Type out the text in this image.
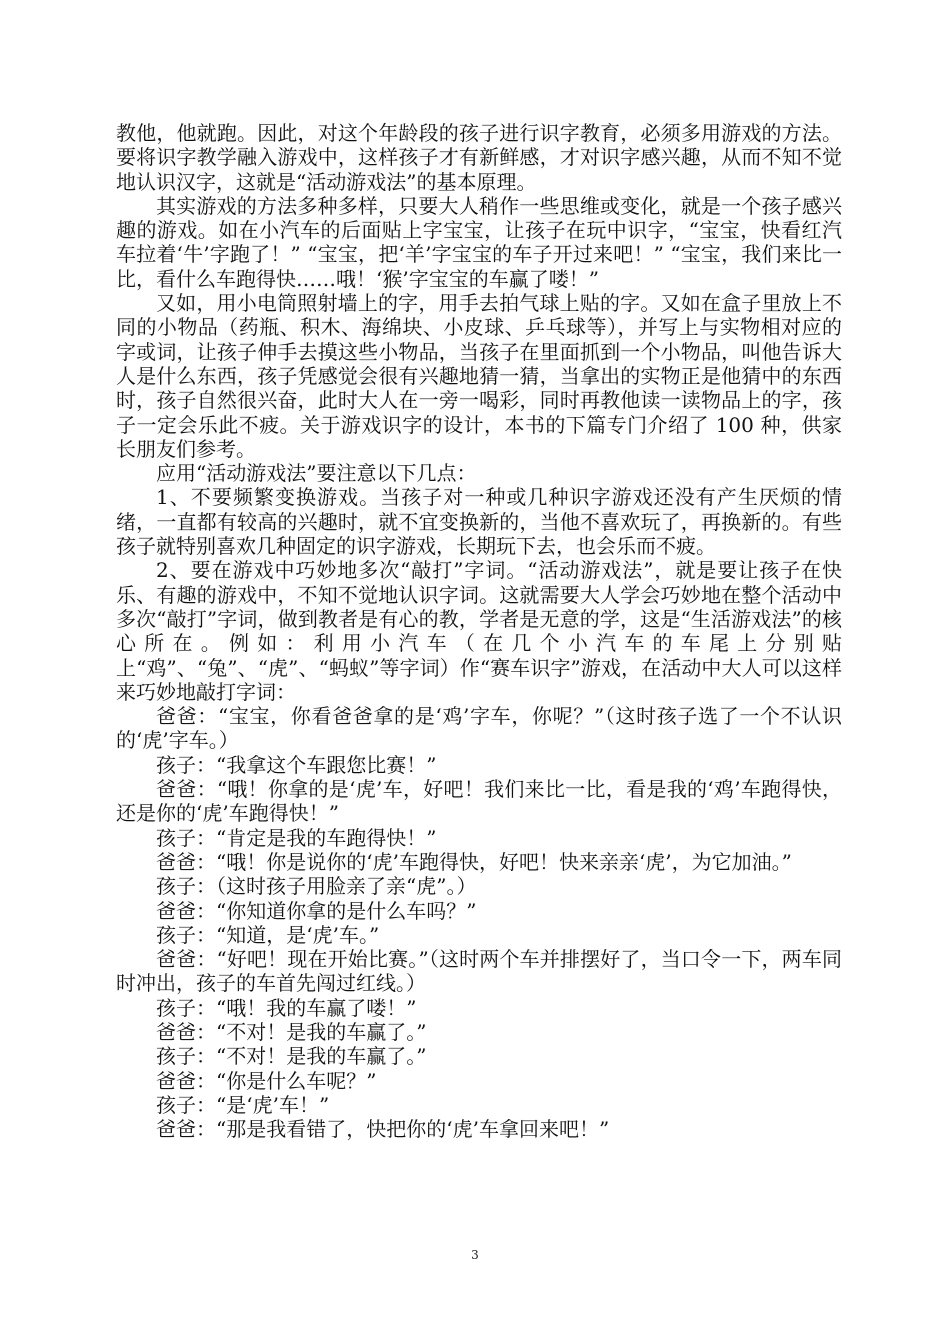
教他，他就跑。因此，对这个年龄段的孩子进行识字教育，必须多用游戏的方法。要将识字教学融入游戏中，这样孩子才有新鲜感，才对识字感兴趣，从而不知不觉地认识汉字，这就是“活动游戏法”的基本原理。

其实游戏的方法多种多样，只要大人稍作一些思维或变化，就是一个孩子感兴趣的游戏。如在小汽车的后面贴上字宝宝，让孩子在玩中识字，“宝宝，快看红汽车拉着‘牛’字跑了！” “宝宝，把‘羊’字宝宝的车子开过来吧！” “宝宝，我们来比一比，看什么车跑得快……哦！‘猴’字宝宝的车赢了喽！”

又如，用小电筒照射墙上的字，用手去拍气球上贴的字。又如在盒子里放上不同的小物品（药瓶、积木、海绵块、小皮球、乒乓球等），并写上与实物相对应的字或词，让孩子伸手去摸这些小物品，当孩子在里面抓到一个小物品，叫他告诉大人是什么东西，孩子凭感觉会很有兴趣地猜一猜，当拿出的实物正是他猜中的东西时，孩子自然很兴奋，此时大人在一旁一喝彩，同时再教他读一读物品上的字，孩子一定会乐此不疲。关于游戏识字的设计，本书的下篇专门介绍了 100 种，供家长朋友们参考。

应用“活动游戏法”要注意以下几点：

1、不要频繁变换游戏。当孩子对一种或几种识字游戏还没有产生厌烦的情绪，一直都有较高的兴趣时，就不宜变换新的，当他不喜欢玩了，再换新的。有些孩子就特别喜欢几种固定的识字游戏，长期玩下去，也会乐而不疲。

2、要在游戏中巧妙地多次“敲打”字词。“活动游戏法”，就是要让孩子在快乐、有趣的游戏中，不知不觉地认识字词。这就需要大人学会巧妙地在整个活动中多次“敲打”字词，做到教者是有心的教，学者是无意的学，这是“生活游戏法”的核心所在。例如：利用小汽车（在几个小汽车的车尾上分别贴上“鸡”、“兔”、“虎”、“蚂蚁”等字词）作“赛车识字”游戏，在活动中大人可以这样来巧妙地敲打字词：

爸爸：“宝宝，你看爸爸拿的是‘鸡’字车，你呢？”（这时孩子选了一个不认识的‘虎’字车。）

孩子：“我拿这个车跟您比赛！”

爸爸：“哦！你拿的是‘虎’车，好吧！我们来比一比，看是我的‘鸡’车跑得快，还是你的‘虎’车跑得快！”

孩子：“肯定是我的车跑得快！”

爸爸：“哦！你是说你的‘虎’车跑得快，好吧！快来亲亲‘虎’，为它加油。”

孩子：（这时孩子用脸亲了亲“虎”。）

爸爸：“你知道你拿的是什么车吗？”

孩子：“知道，是‘虎’车。”

爸爸：“好吧！现在开始比赛。”（这时两个车并排摆好了，当口令一下，两车同时冲出，孩子的车首先闯过红线。）

孩子：“哦！我的车赢了喽！”

爸爸：“不对！是我的车赢了。”

孩子：“不对！是我的车赢了。”

爸爸：“你是什么车呢？”

孩子：“是‘虎’车！”

爸爸：“那是我看错了，快把你的‘虎’车拿回来吧！”

3
